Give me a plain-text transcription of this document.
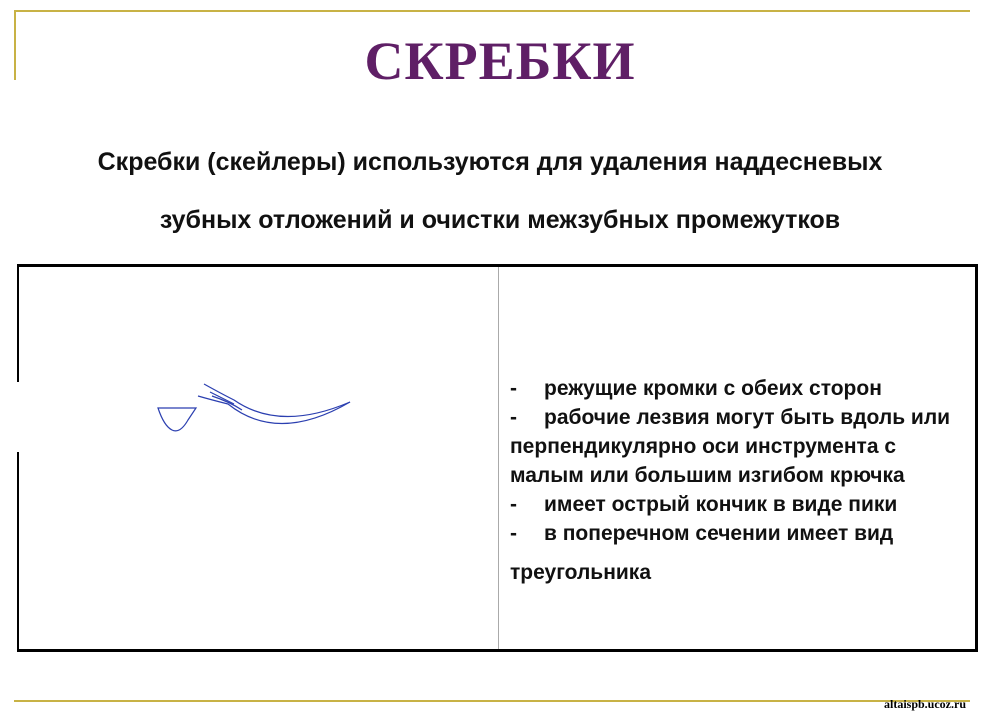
СКРЕБКИ
Скребки (скейлеры) используются для удаления наддесневых
зубных отложений и очистки межзубных промежутков

- режущие кромки с обеих сторон

- рабочие лезвия могут быть вдоль или перпендикулярно оси инструмента с малым или большим изгибом крючка

- имеет острый кончик в виде пики

- в поперечном сечении имеет вид

треугольника

altaispb.ucoz.ru
